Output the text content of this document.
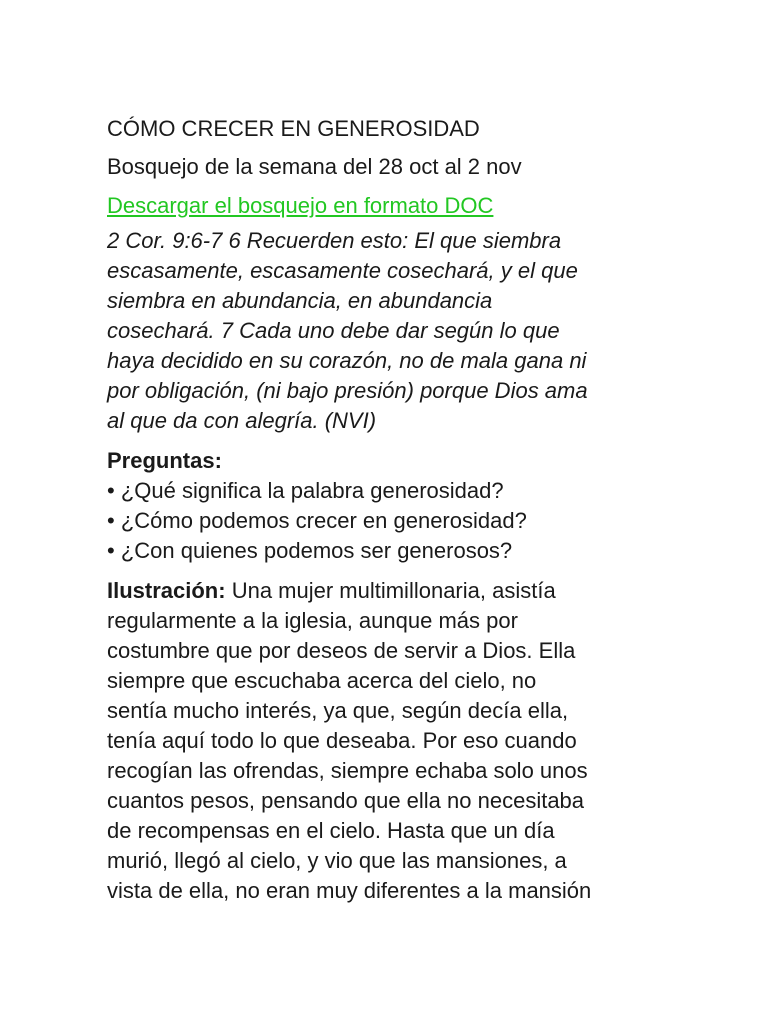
CÓMO CRECER EN GENEROSIDAD
Bosquejo de la semana del 28 oct al 2 nov
Descargar el bosquejo en formato DOC
2 Cor. 9:6-7 6 Recuerden esto: El que siembra
escasamente, escasamente cosechará, y el que
siembra en abundancia, en abundancia
cosechará. 7 Cada uno debe dar según lo que
haya decidido en su corazón, no de mala gana ni
por obligación, (ni bajo presión) porque Dios ama
al que da con alegría. (NVI)
Preguntas:
• ¿Qué significa la palabra generosidad?
• ¿Cómo podemos crecer en generosidad?
• ¿Con quienes podemos ser generosos?
Ilustración: Una mujer multimillonaria, asistía
regularmente a la iglesia, aunque más por
costumbre que por deseos de servir a Dios. Ella
siempre que escuchaba acerca del cielo, no
sentía mucho interés, ya que, según decía ella,
tenía aquí todo lo que deseaba. Por eso cuando
recogían las ofrendas, siempre echaba solo unos
cuantos pesos, pensando que ella no necesitaba
de recompensas en el cielo. Hasta que un día
murió, llegó al cielo, y vio que las mansiones, a
vista de ella, no eran muy diferentes a la mansión
